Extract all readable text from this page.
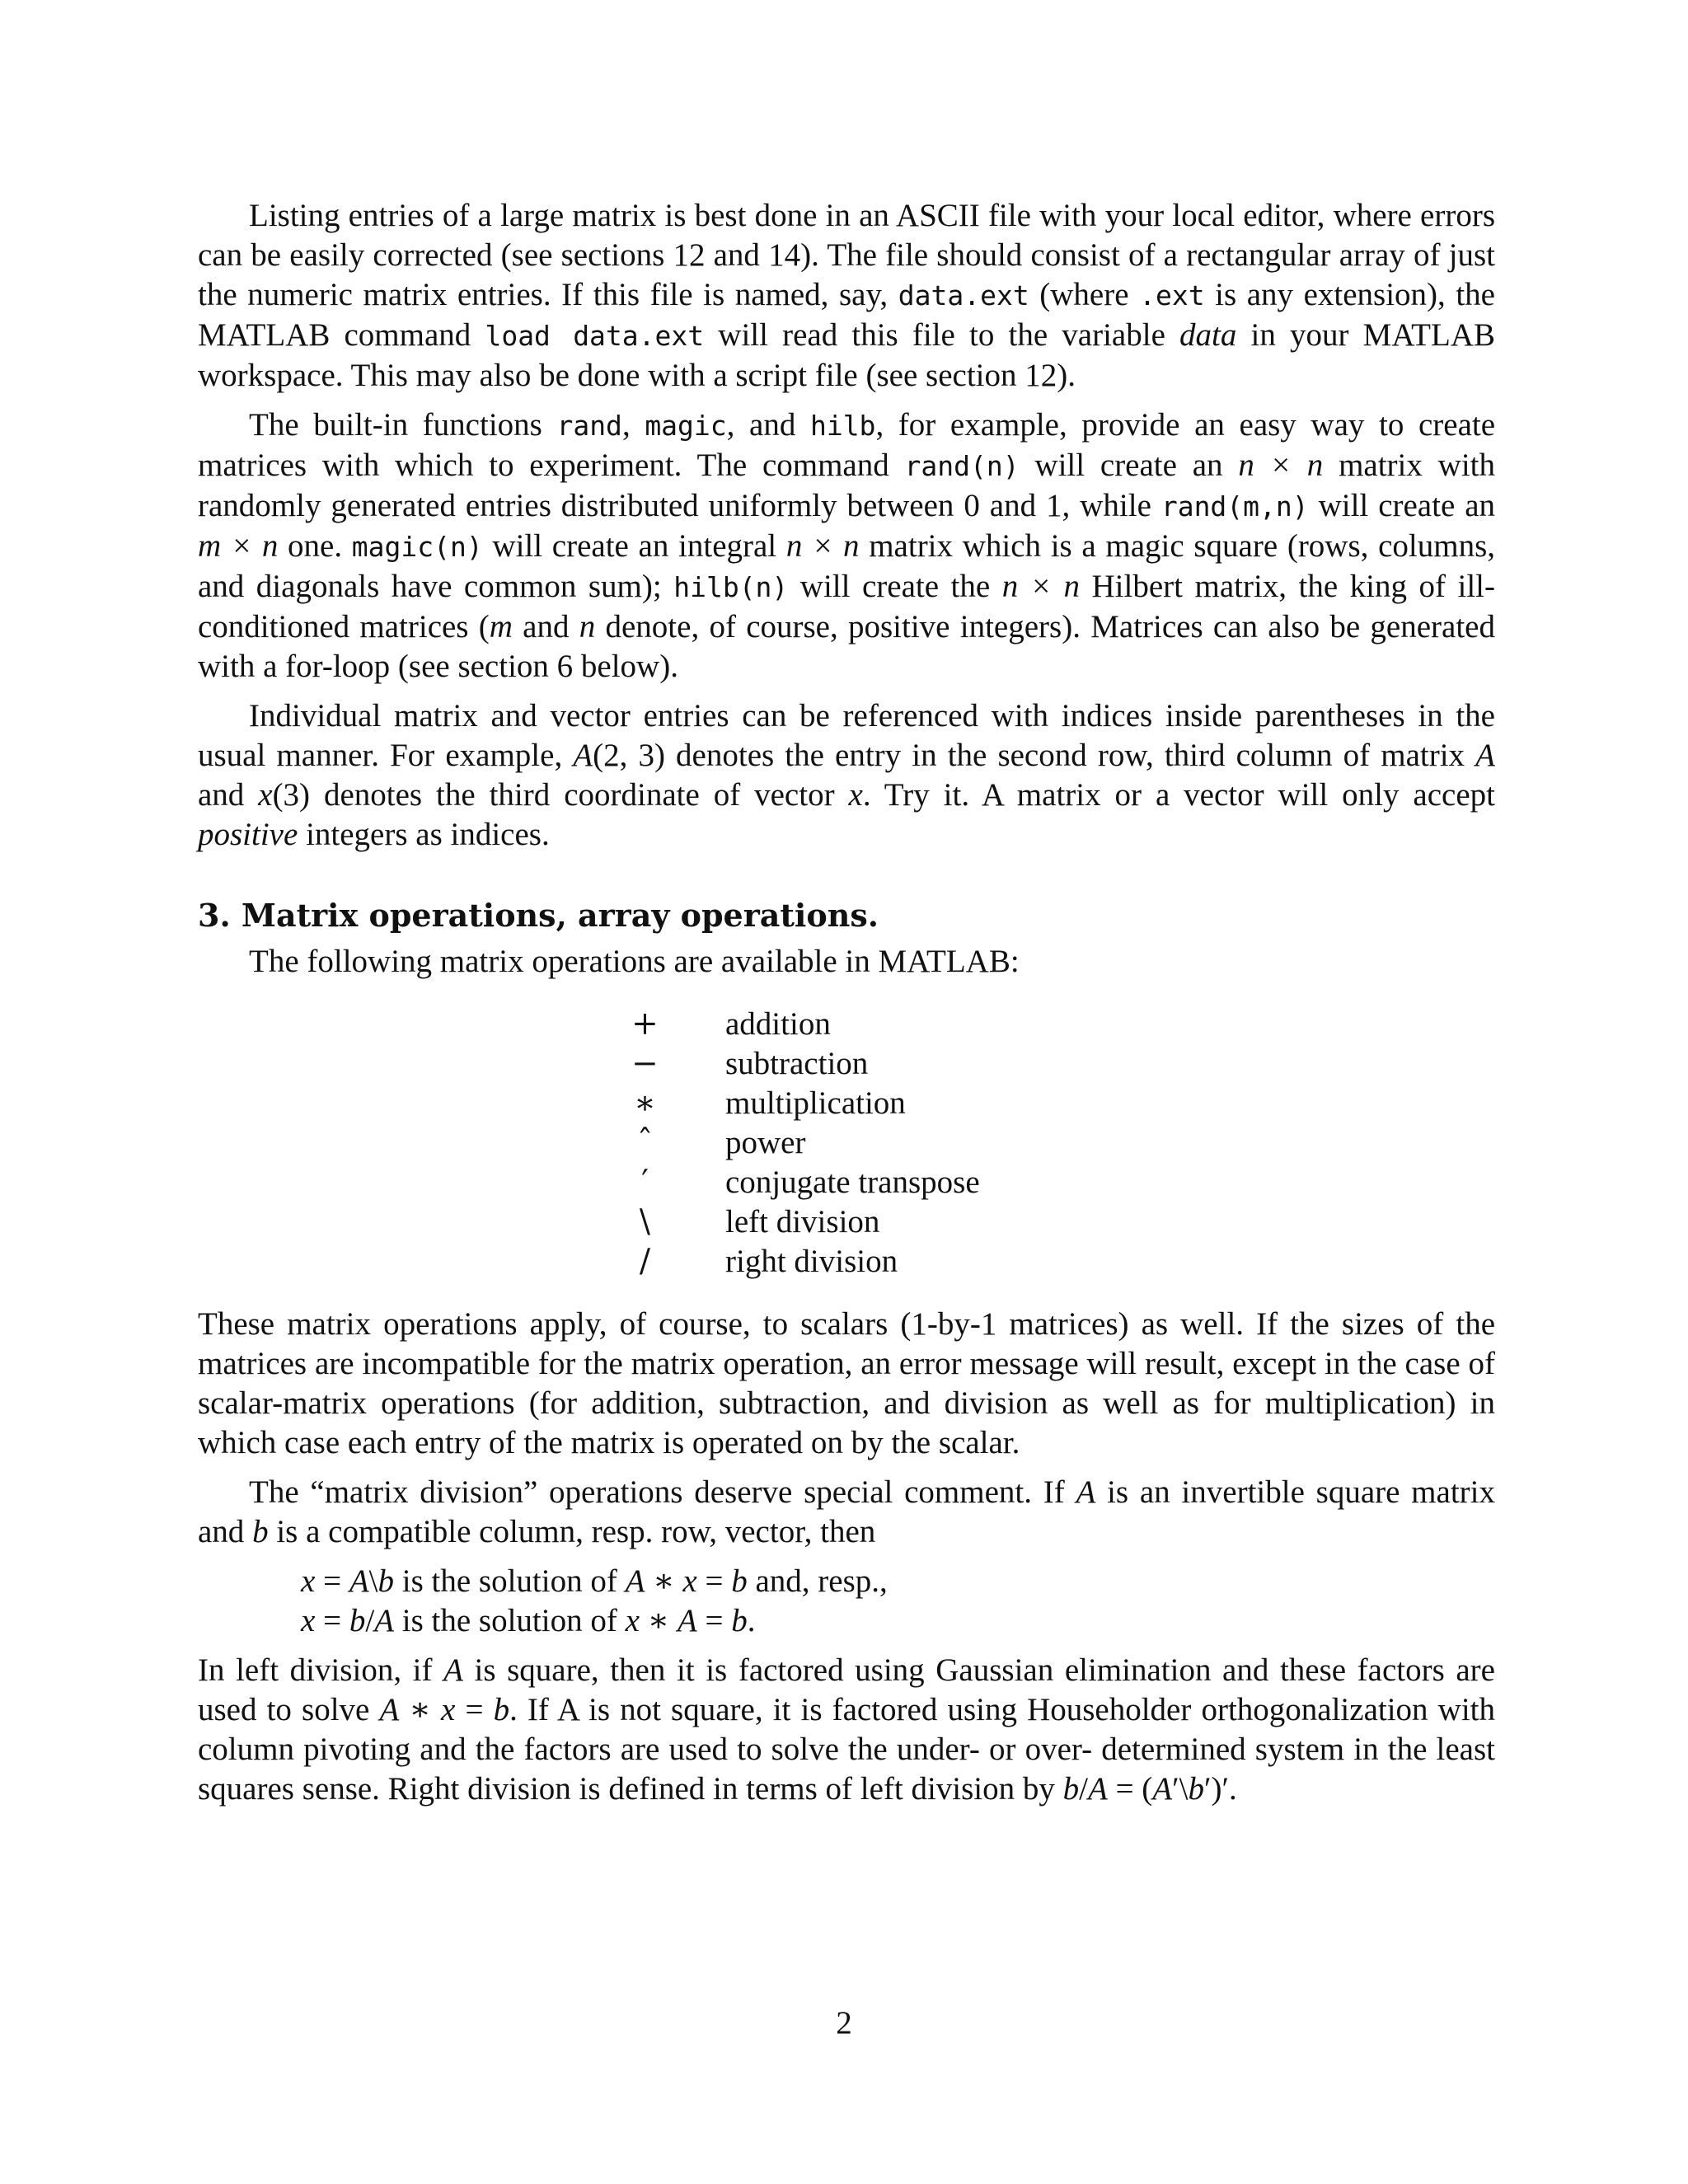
Listing entries of a large matrix is best done in an ASCII file with your local editor, where errors can be easily corrected (see sections 12 and 14). The file should consist of a rectangular array of just the numeric matrix entries. If this file is named, say, data.ext (where .ext is any extension), the MATLAB command load data.ext will read this file to the variable data in your MATLAB workspace. This may also be done with a script file (see section 12).

The built-in functions rand, magic, and hilb, for example, provide an easy way to create matrices with which to experiment. The command rand(n) will create an n × n matrix with randomly generated entries distributed uniformly between 0 and 1, while rand(m,n) will create an m × n one. magic(n) will create an integral n × n matrix which is a magic square (rows, columns, and diagonals have common sum); hilb(n) will create the n × n Hilbert matrix, the king of ill-conditioned matrices (m and n denote, of course, positive integers). Matrices can also be generated with a for-loop (see section 6 below).

Individual matrix and vector entries can be referenced with indices inside parentheses in the usual manner. For example, A(2, 3) denotes the entry in the second row, third column of matrix A and x(3) denotes the third coordinate of vector x. Try it. A matrix or a vector will only accept positive integers as indices.

3. Matrix operations, array operations.
The following matrix operations are available in MATLAB:
+	addition
−	subtraction
∗	multiplication
ˆ	power
′	conjugate transpose
\	left division
/	right division

These matrix operations apply, of course, to scalars (1-by-1 matrices) as well. If the sizes of the matrices are incompatible for the matrix operation, an error message will result, except in the case of scalar-matrix operations (for addition, subtraction, and division as well as for multiplication) in which case each entry of the matrix is operated on by the scalar.

The “matrix division” operations deserve special comment. If A is an invertible square matrix and b is a compatible column, resp. row, vector, then

x = A\b is the solution of A ∗ x = b and, resp.,
x = b/A is the solution of x ∗ A = b.

In left division, if A is square, then it is factored using Gaussian elimination and these factors are used to solve A ∗ x = b. If A is not square, it is factored using Householder orthogonalization with column pivoting and the factors are used to solve the under- or over- determined system in the least squares sense. Right division is defined in terms of left division by b/A = (A′\b′)′.

2
